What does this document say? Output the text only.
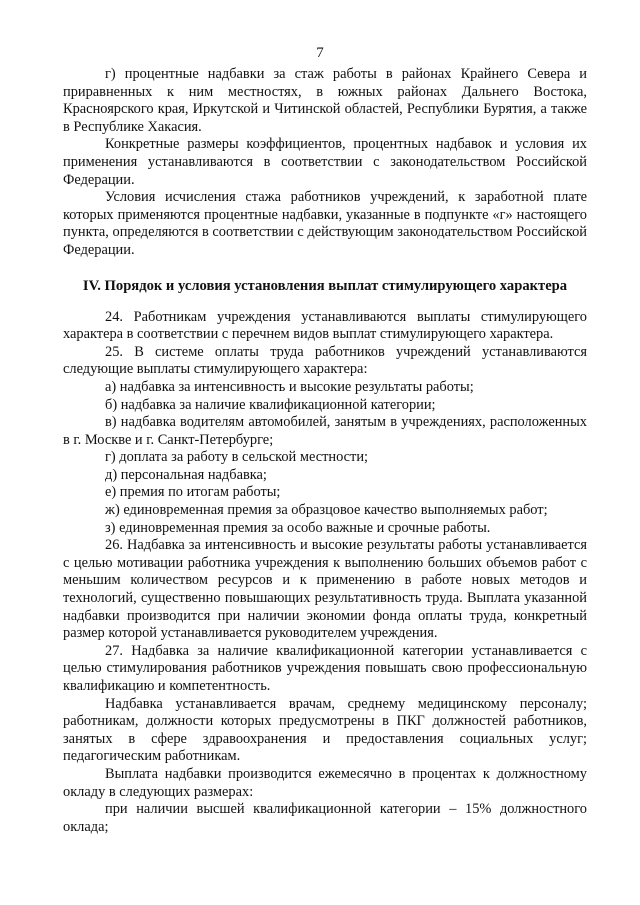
7

г) процентные надбавки за стаж работы в районах Крайнего Севера и приравненных к ним местностях, в южных районах Дальнего Востока, Красноярского края, Иркутской и Читинской областей, Республики Бурятия, а также в Республике Хакасия.

Конкретные размеры коэффициентов, процентных надбавок и условия их применения устанавливаются в соответствии с законодательством Российской Федерации.

Условия исчисления стажа работников учреждений, к заработной плате которых применяются процентные надбавки, указанные в подпункте «г» настоящего пункта, определяются в соответствии с действующим законодательством Российской Федерации.

IV. Порядок и условия установления выплат стимулирующего характера

24. Работникам учреждения устанавливаются выплаты стимулирующего характера в соответствии с перечнем видов выплат стимулирующего характера.

25. В системе оплаты труда работников учреждений устанавливаются следующие выплаты стимулирующего характера:

а) надбавка за интенсивность и высокие результаты работы;

б) надбавка за наличие квалификационной категории;

в) надбавка водителям автомобилей, занятым в учреждениях, расположенных в г. Москве и г. Санкт-Петербурге;

г) доплата за работу в сельской местности;

д) персональная надбавка;

е) премия по итогам работы;

ж) единовременная премия за образцовое качество выполняемых работ;

з) единовременная премия за особо важные и срочные работы.

26. Надбавка за интенсивность и высокие результаты работы устанавливается с целью мотивации работника учреждения к выполнению больших объемов работ с меньшим количеством ресурсов и к применению в работе новых методов и технологий, существенно повышающих результативность труда. Выплата указанной надбавки производится при наличии экономии фонда оплаты труда, конкретный размер которой устанавливается руководителем учреждения.

27. Надбавка за наличие квалификационной категории устанавливается с целью стимулирования работников учреждения повышать свою профессиональную квалификацию и компетентность.

Надбавка устанавливается врачам, среднему медицинскому персоналу; работникам, должности которых предусмотрены в ПКГ должностей работников, занятых в сфере здравоохранения и предоставления социальных услуг; педагогическим работникам.

Выплата надбавки производится ежемесячно в процентах к должностному окладу в следующих размерах:

при наличии высшей квалификационной категории – 15% должностного оклада;
